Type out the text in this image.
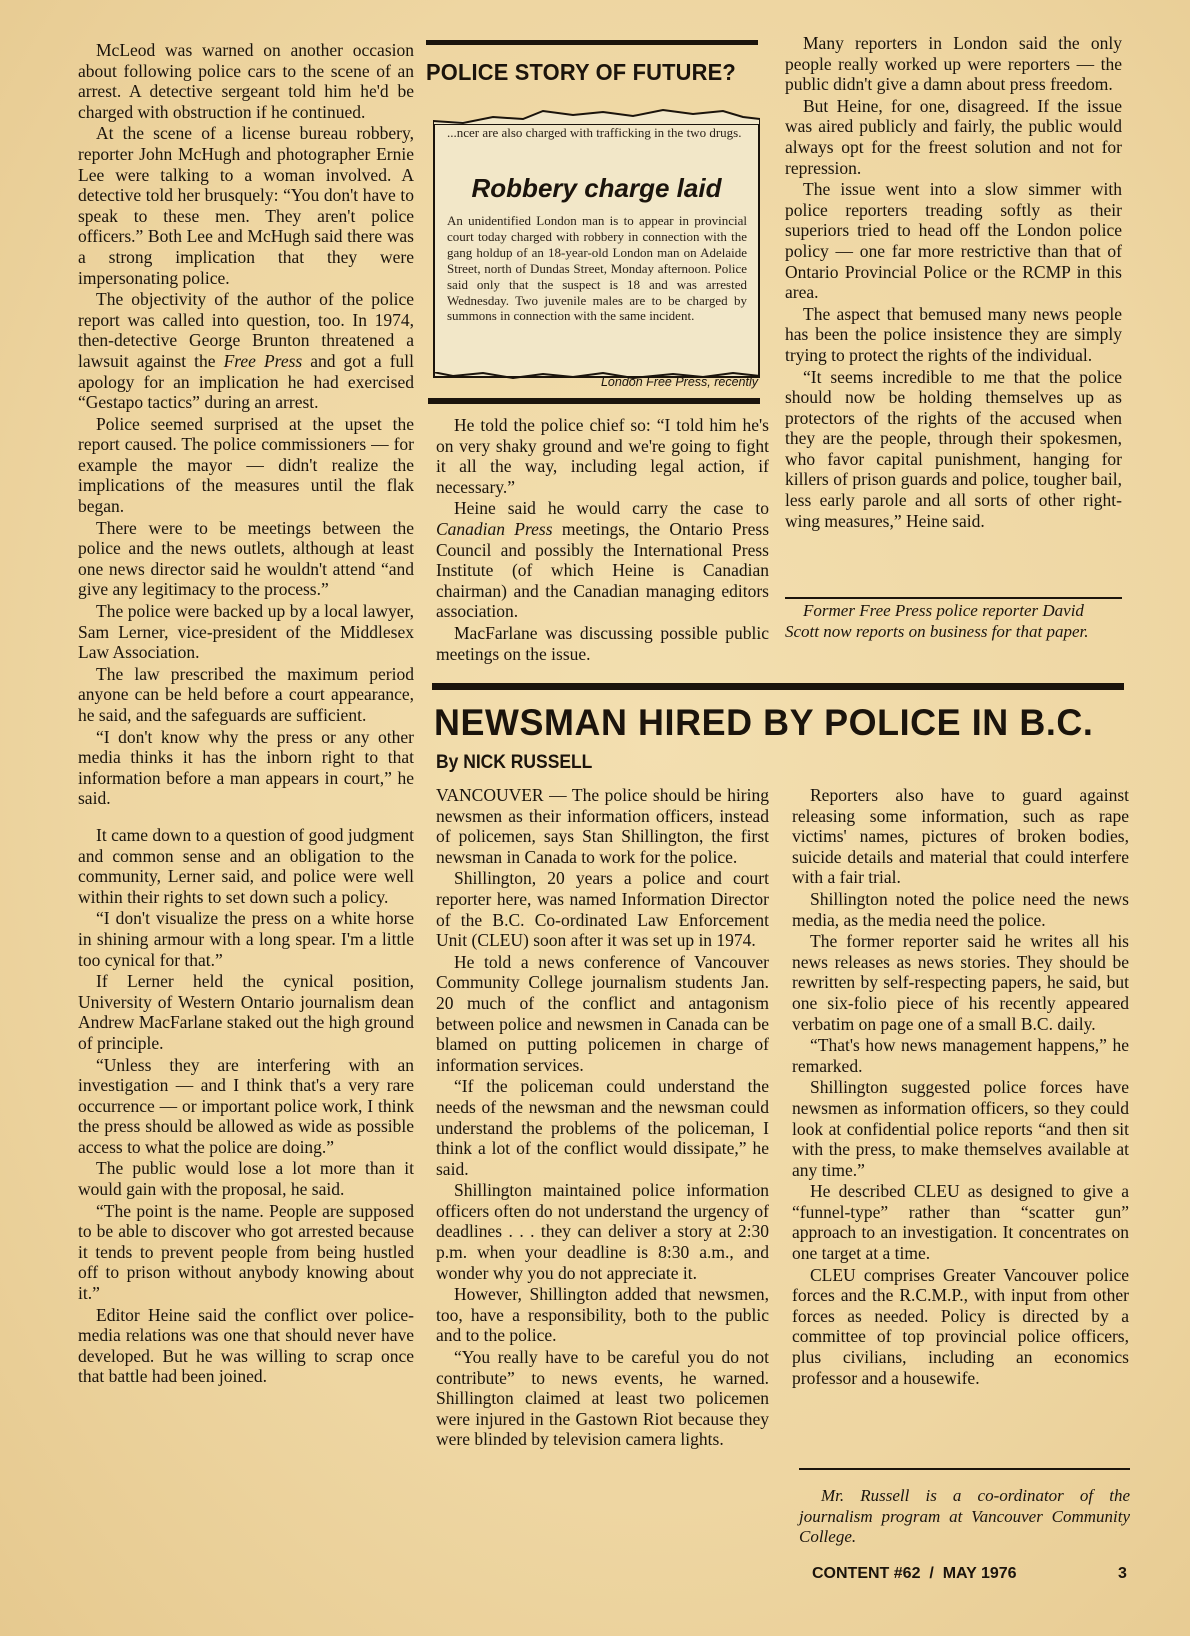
McLeod was warned on another occasion about following police cars to the scene of an arrest. A detective sergeant told him he'd be charged with obstruction if he continued.

At the scene of a license bureau robbery, reporter John McHugh and photographer Ernie Lee were talking to a woman involved. A detective told her brusquely: “You don't have to speak to these men. They aren't police officers.” Both Lee and McHugh said there was a strong implication that they were impersonating police.

The objectivity of the author of the police report was called into question, too. In 1974, then-detective George Brunton threatened a lawsuit against the Free Press and got a full apology for an implication he had exercised “Gestapo tactics” during an arrest.

Police seemed surprised at the upset the report caused. The police commissioners — for example the mayor — didn't realize the implications of the measures until the flak began.

There were to be meetings between the police and the news outlets, although at least one news director said he wouldn't attend “and give any legitimacy to the process.”

The police were backed up by a local lawyer, Sam Lerner, vice-president of the Middlesex Law Association.

The law prescribed the maximum period anyone can be held before a court appearance, he said, and the safeguards are sufficient.

“I don't know why the press or any other media thinks it has the inborn right to that information before a man appears in court,” he said.

It came down to a question of good judgment and common sense and an obligation to the community, Lerner said, and police were well within their rights to set down such a policy.

“I don't visualize the press on a white horse in shining armour with a long spear. I'm a little too cynical for that.”

If Lerner held the cynical position, University of Western Ontario journalism dean Andrew MacFarlane staked out the high ground of principle.

“Unless they are interfering with an investigation — and I think that's a very rare occurrence — or important police work, I think the press should be allowed as wide as possible access to what the police are doing.”

The public would lose a lot more than it would gain with the proposal, he said.

“The point is the name. People are supposed to be able to discover who got arrested because it tends to prevent people from being hustled off to prison without anybody knowing about it.”

Editor Heine said the conflict over police-media relations was one that should never have developed. But he was willing to scrap once that battle had been joined.

POLICE STORY OF FUTURE?
...ncer are also charged with trafficking in the two drugs.
Robbery charge laid
An unidentified London man is to appear in provincial court today charged with robbery in connection with the gang holdup of an 18-year-old London man on Adelaide Street, north of Dundas Street, Monday afternoon. Police said only that the suspect is 18 and was arrested Wednesday. Two juvenile males are to be charged by summons in connection with the same incident.
London Free Press, recently

He told the police chief so: “I told him he's on very shaky ground and we're going to fight it all the way, including legal action, if necessary.”

Heine said he would carry the case to Canadian Press meetings, the Ontario Press Council and possibly the International Press Institute (of which Heine is Canadian chairman) and the Canadian managing editors association.

MacFarlane was discussing possible public meetings on the issue.

Many reporters in London said the only people really worked up were reporters — the public didn't give a damn about press freedom.

But Heine, for one, disagreed. If the issue was aired publicly and fairly, the public would always opt for the freest solution and not for repression.

The issue went into a slow simmer with police reporters treading softly as their superiors tried to head off the London police policy — one far more restrictive than that of Ontario Provincial Police or the RCMP in this area.

The aspect that bemused many news people has been the police insistence they are simply trying to protect the rights of the individual.

“It seems incredible to me that the police should now be holding themselves up as protectors of the rights of the accused when they are the people, through their spokesmen, who favor capital punishment, hanging for killers of prison guards and police, tougher bail, less early parole and all sorts of other right-wing measures,” Heine said.

Former Free Press police reporter David Scott now reports on business for that paper.
NEWSMAN HIRED BY POLICE IN B.C.
By NICK RUSSELL

VANCOUVER — The police should be hiring newsmen as their information officers, instead of policemen, says Stan Shillington, the first newsman in Canada to work for the police.

Shillington, 20 years a police and court reporter here, was named Information Director of the B.C. Co-ordinated Law Enforcement Unit (CLEU) soon after it was set up in 1974.

He told a news conference of Vancouver Community College journalism students Jan. 20 much of the conflict and antagonism between police and newsmen in Canada can be blamed on putting policemen in charge of information services.

“If the policeman could understand the needs of the newsman and the newsman could understand the problems of the policeman, I think a lot of the conflict would dissipate,” he said.

Shillington maintained police information officers often do not understand the urgency of deadlines . . . they can deliver a story at 2:30 p.m. when your deadline is 8:30 a.m., and wonder why you do not appreciate it.

However, Shillington added that newsmen, too, have a responsibility, both to the public and to the police.

“You really have to be careful you do not contribute” to news events, he warned. Shillington claimed at least two policemen were injured in the Gastown Riot because they were blinded by television camera lights.

Reporters also have to guard against releasing some information, such as rape victims' names, pictures of broken bodies, suicide details and material that could interfere with a fair trial.

Shillington noted the police need the news media, as the media need the police.

The former reporter said he writes all his news releases as news stories. They should be rewritten by self-respecting papers, he said, but one six-folio piece of his recently appeared verbatim on page one of a small B.C. daily.

“That's how news management happens,” he remarked.

Shillington suggested police forces have newsmen as information officers, so they could look at confidential police reports “and then sit with the press, to make themselves available at any time.”

He described CLEU as designed to give a “funnel-type” rather than “scatter gun” approach to an investigation. It concentrates on one target at a time.

CLEU comprises Greater Vancouver police forces and the R.C.M.P., with input from other forces as needed. Policy is directed by a committee of top provincial police officers, plus civilians, including an economics professor and a housewife.

Mr. Russell is a co-ordinator of the journalism program at Vancouver Community College.
CONTENT #62  /  MAY 1976	3
